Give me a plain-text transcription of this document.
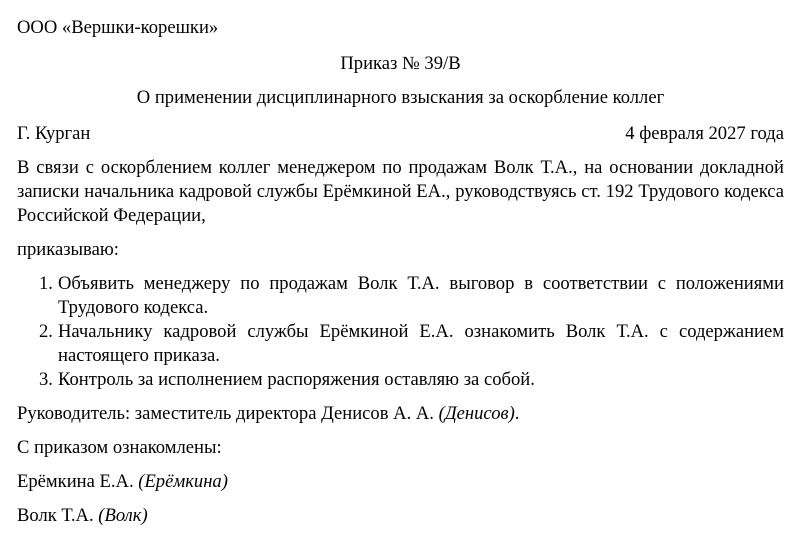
ООО «Вершки-корешки»
Приказ № 39/В
О применении дисциплинарного взыскания за оскорбление коллег
Г. Курган	4 февраля 2027 года
В связи с оскорблением коллег менеджером по продажам Волк Т.А., на основании докладной записки начальника кадровой службы Ерёмкиной ЕА., руководствуясь ст. 192 Трудового кодекса Российской Федерации,
приказываю:
1. Объявить менеджеру по продажам Волк Т.А. выговор в соответствии с положениями Трудового кодекса.
2. Начальнику кадровой службы Ерёмкиной Е.А. ознакомить Волк Т.А. с содержанием настоящего приказа.
3. Контроль за исполнением распоряжения оставляю за собой.
Руководитель: заместитель директора Денисов А. А. (Денисов).
С приказом ознакомлены:
Ерёмкина Е.А. (Ерёмкина)
Волк Т.А. (Волк)
